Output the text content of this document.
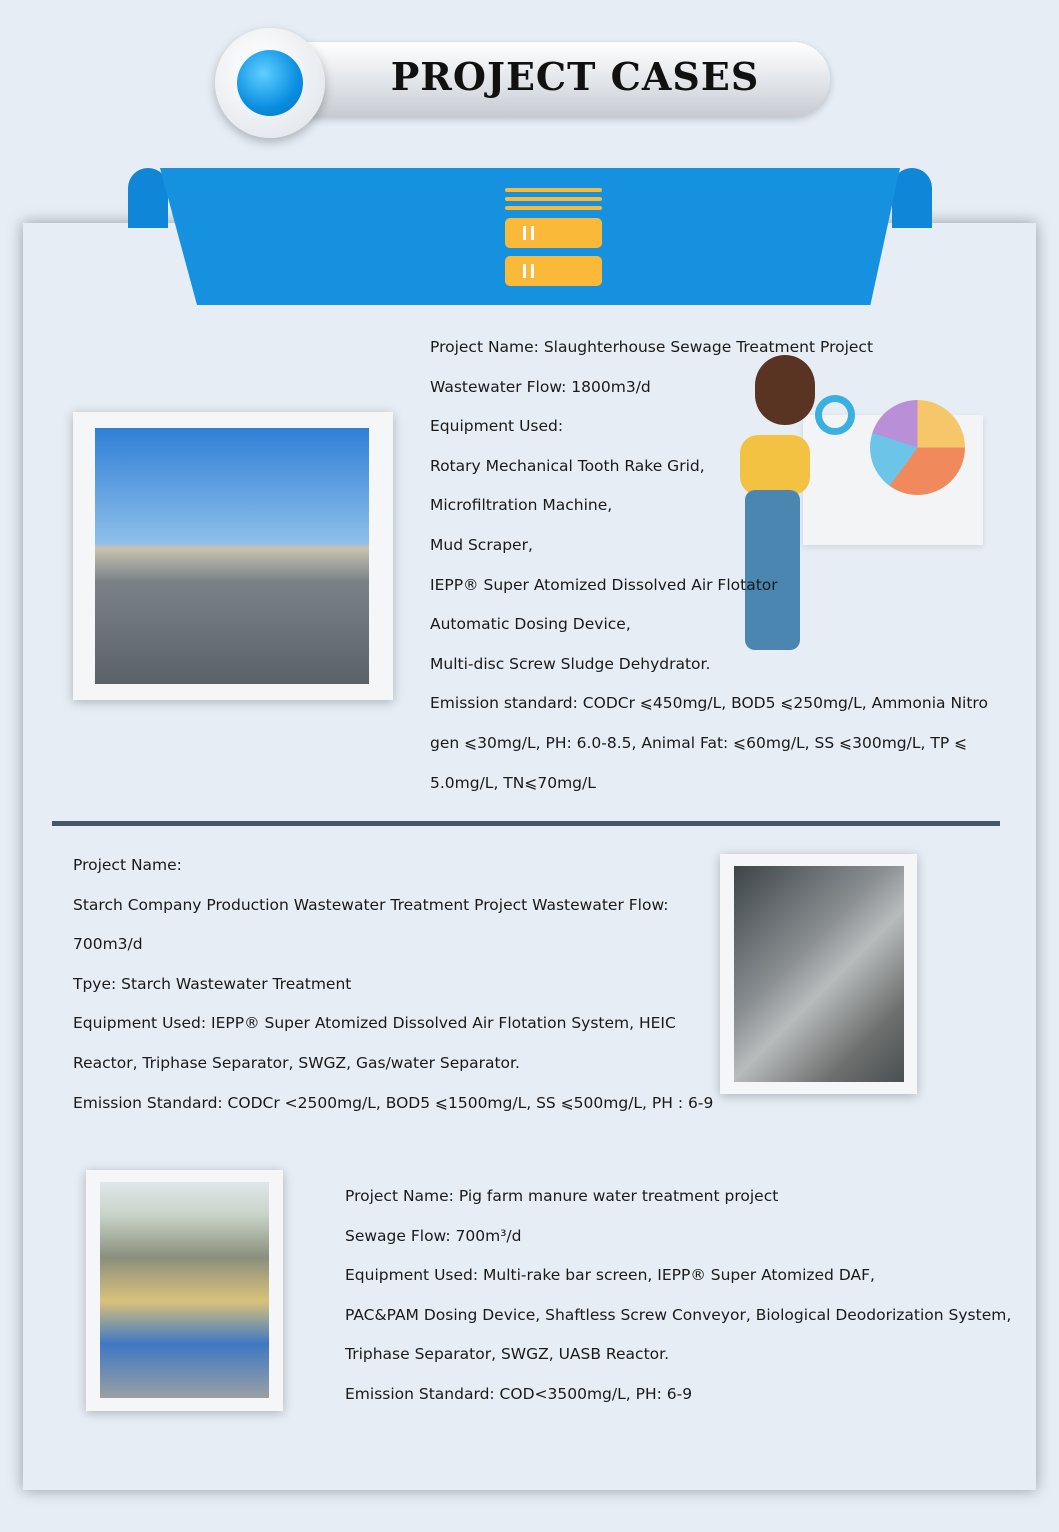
PROJECT CASES
Project Name: Slaughterhouse Sewage Treatment Project
Wastewater Flow: 1800m3/d
Equipment Used:
Rotary Mechanical Tooth Rake Grid,
Microfiltration Machine,
Mud Scraper,
IEPP® Super Atomized Dissolved Air Flotator
Automatic Dosing Device,
Multi-disc Screw Sludge Dehydrator.
Emission standard: CODCr ⩽450mg/L, BOD5 ⩽250mg/L, Ammonia Nitro
gen ⩽30mg/L, PH: 6.0-8.5, Animal Fat: ⩽60mg/L, SS ⩽300mg/L, TP ⩽
5.0mg/L, TN⩽70mg/L
Project Name:
Starch Company Production Wastewater Treatment Project Wastewater Flow:
700m3/d
Tpye: Starch Wastewater Treatment
Equipment Used: IEPP® Super Atomized Dissolved Air Flotation System, HEIC
Reactor, Triphase Separator, SWGZ, Gas/water Separator.
Emission Standard: CODCr <2500mg/L, BOD5 ⩽1500mg/L, SS ⩽500mg/L, PH : 6-9
Project Name: Pig farm manure water treatment project
Sewage Flow: 700m³/d
Equipment Used: Multi-rake bar screen, IEPP® Super Atomized DAF,
PAC&PAM Dosing Device, Shaftless Screw Conveyor, Biological Deodorization System,
Triphase Separator, SWGZ, UASB Reactor.
Emission Standard: COD<3500mg/L, PH: 6-9
